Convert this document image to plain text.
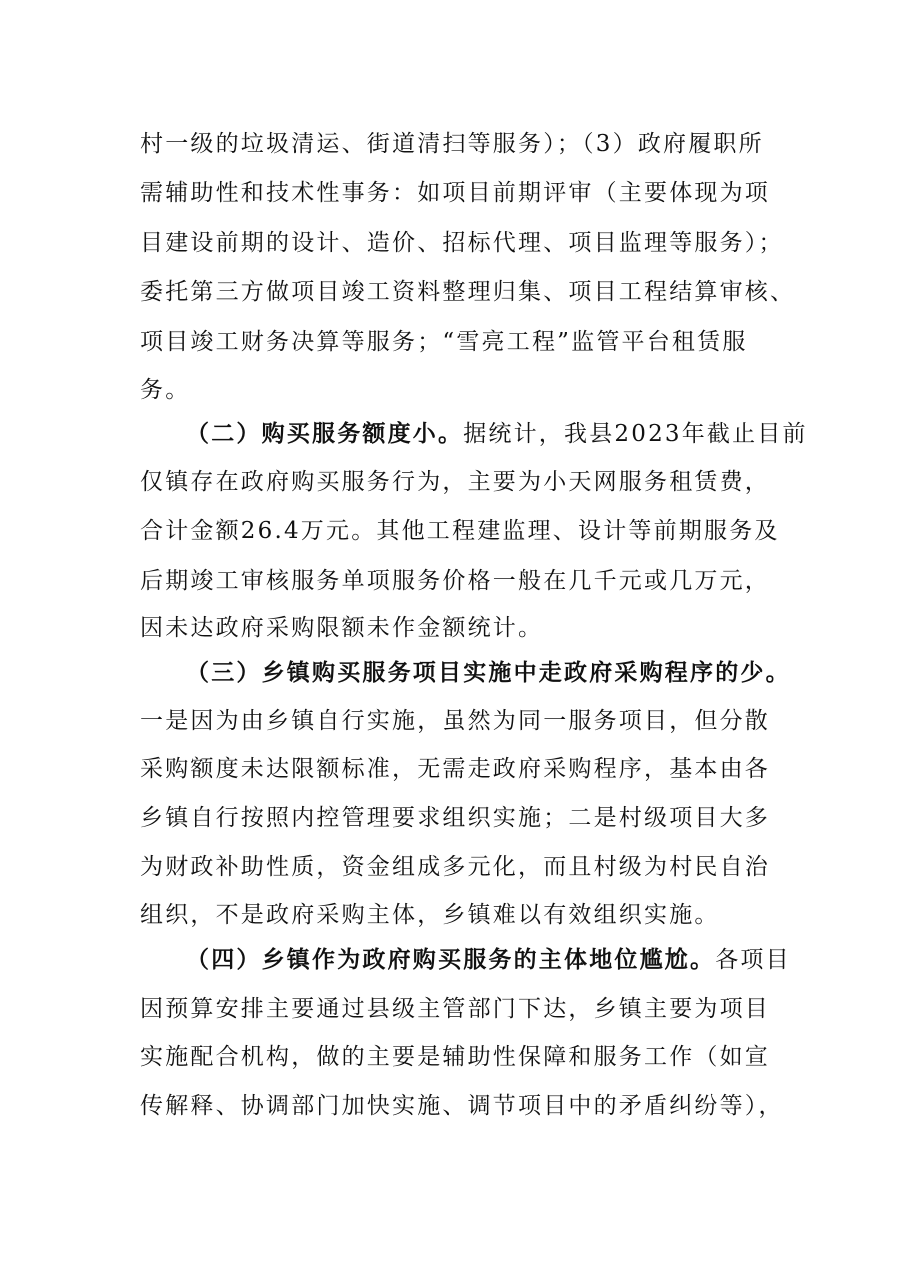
村一级的垃圾清运、街道清扫等服务）；（3）政府履职所
需辅助性和技术性事务：如项目前期评审（主要体现为项
目建设前期的设计、造价、招标代理、项目监理等服务）；
委托第三方做项目竣工资料整理归集、项目工程结算审核、
项目竣工财务决算等服务；“雪亮工程”监管平台租赁服
务。
（二）购买服务额度小。据统计，我县2023年截止目前
仅镇存在政府购买服务行为，主要为小天网服务租赁费，
合计金额26.4万元。其他工程建监理、设计等前期服务及
后期竣工审核服务单项服务价格一般在几千元或几万元，
因未达政府采购限额未作金额统计。
（三）乡镇购买服务项目实施中走政府采购程序的少。
一是因为由乡镇自行实施，虽然为同一服务项目，但分散
采购额度未达限额标准，无需走政府采购程序，基本由各
乡镇自行按照内控管理要求组织实施；二是村级项目大多
为财政补助性质，资金组成多元化，而且村级为村民自治
组织，不是政府采购主体，乡镇难以有效组织实施。
（四）乡镇作为政府购买服务的主体地位尴尬。各项目
因预算安排主要通过县级主管部门下达，乡镇主要为项目
实施配合机构，做的主要是辅助性保障和服务工作（如宣
传解释、协调部门加快实施、调节项目中的矛盾纠纷等），
